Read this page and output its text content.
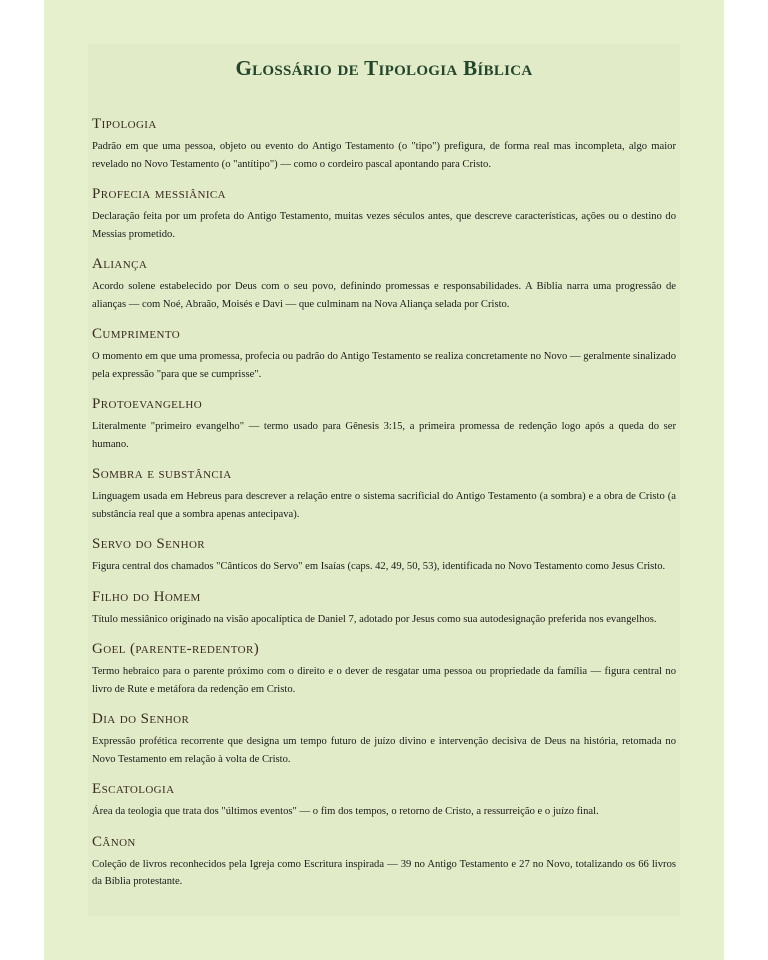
Glossário de Tipologia Bíblica
Tipologia

Padrão em que uma pessoa, objeto ou evento do Antigo Testamento (o "tipo") prefigura, de forma real mas incompleta, algo maior revelado no Novo Testamento (o "antítipo") — como o cordeiro pascal apontando para Cristo.

Profecia messiânica

Declaração feita por um profeta do Antigo Testamento, muitas vezes séculos antes, que descreve características, ações ou o destino do Messias prometido.

Aliança

Acordo solene estabelecido por Deus com o seu povo, definindo promessas e responsabilidades. A Bíblia narra uma progressão de alianças — com Noé, Abraão, Moisés e Davi — que culminam na Nova Aliança selada por Cristo.

Cumprimento

O momento em que uma promessa, profecia ou padrão do Antigo Testamento se realiza concretamente no Novo — geralmente sinalizado pela expressão "para que se cumprisse".

Protoevangelho

Literalmente "primeiro evangelho" — termo usado para Gênesis 3:15, a primeira promessa de redenção logo após a queda do ser humano.

Sombra e substância

Linguagem usada em Hebreus para descrever a relação entre o sistema sacrificial do Antigo Testamento (a sombra) e a obra de Cristo (a substância real que a sombra apenas antecipava).

Servo do Senhor

Figura central dos chamados "Cânticos do Servo" em Isaías (caps. 42, 49, 50, 53), identificada no Novo Testamento como Jesus Cristo.

Filho do Homem

Título messiânico originado na visão apocalíptica de Daniel 7, adotado por Jesus como sua autodesignação preferida nos evangelhos.

Goel (parente-redentor)

Termo hebraico para o parente próximo com o direito e o dever de resgatar uma pessoa ou propriedade da família — figura central no livro de Rute e metáfora da redenção em Cristo.

Dia do Senhor

Expressão profética recorrente que designa um tempo futuro de juízo divino e intervenção decisiva de Deus na história, retomada no Novo Testamento em relação à volta de Cristo.

Escatologia

Área da teologia que trata dos "últimos eventos" — o fim dos tempos, o retorno de Cristo, a ressurreição e o juízo final.

Cânon

Coleção de livros reconhecidos pela Igreja como Escritura inspirada — 39 no Antigo Testamento e 27 no Novo, totalizando os 66 livros da Bíblia protestante.
